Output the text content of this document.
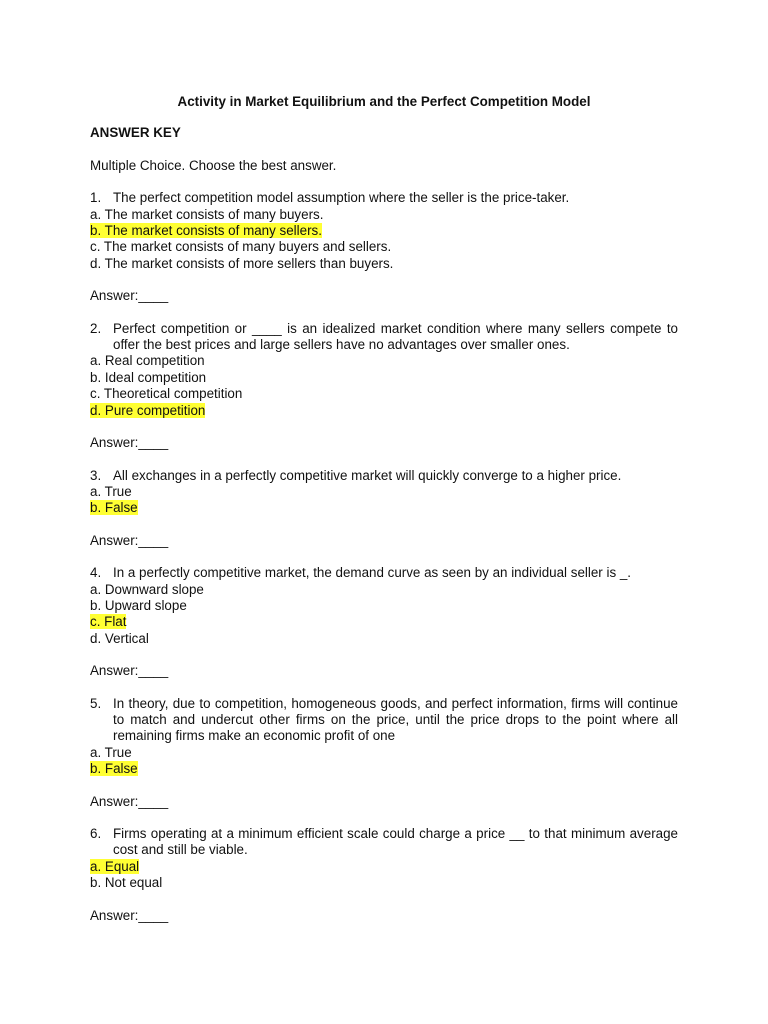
Activity in Market Equilibrium and the Perfect Competition Model
ANSWER KEY
Multiple Choice. Choose the best answer.
1. The perfect competition model assumption where the seller is the price-taker.
a. The market consists of many buyers.
b. The market consists of many sellers.
c. The market consists of many buyers and sellers.
d. The market consists of more sellers than buyers.
Answer:____
2. Perfect competition or ____ is an idealized market condition where many sellers compete to offer the best prices and large sellers have no advantages over smaller ones.
a. Real competition
b. Ideal competition
c. Theoretical competition
d. Pure competition
Answer:____
3. All exchanges in a perfectly competitive market will quickly converge to a higher price.
a. True
b. False
Answer:____
4. In a perfectly competitive market, the demand curve as seen by an individual seller is _.
a. Downward slope
b. Upward slope
c. Flat
d. Vertical
Answer:____
5. In theory, due to competition, homogeneous goods, and perfect information, firms will continue to match and undercut other firms on the price, until the price drops to the point where all remaining firms make an economic profit of one
a. True
b. False
Answer:____
6. Firms operating at a minimum efficient scale could charge a price __ to that minimum average cost and still be viable.
a. Equal
b. Not equal
Answer:____
